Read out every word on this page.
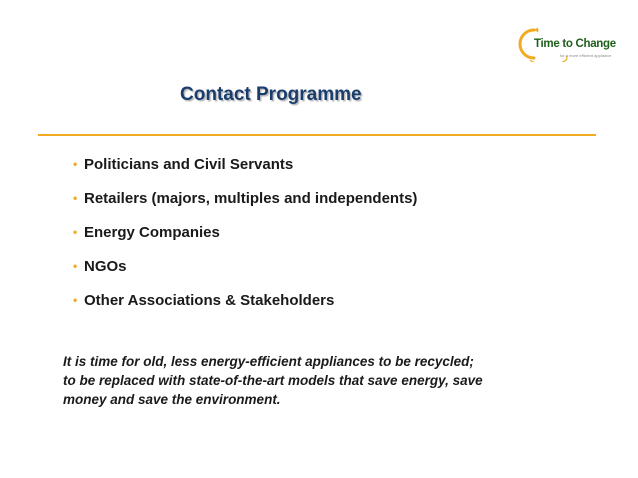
Time to Change
for a more efficient appliance
Contact Programme
• Politicians and Civil Servants
• Retailers (majors, multiples and independents)
• Energy Companies
• NGOs
• Other Associations & Stakeholders
It is time for old, less energy-efficient appliances to be recycled;
to be replaced with state-of-the-art models that save energy, save
money and save the environment.
